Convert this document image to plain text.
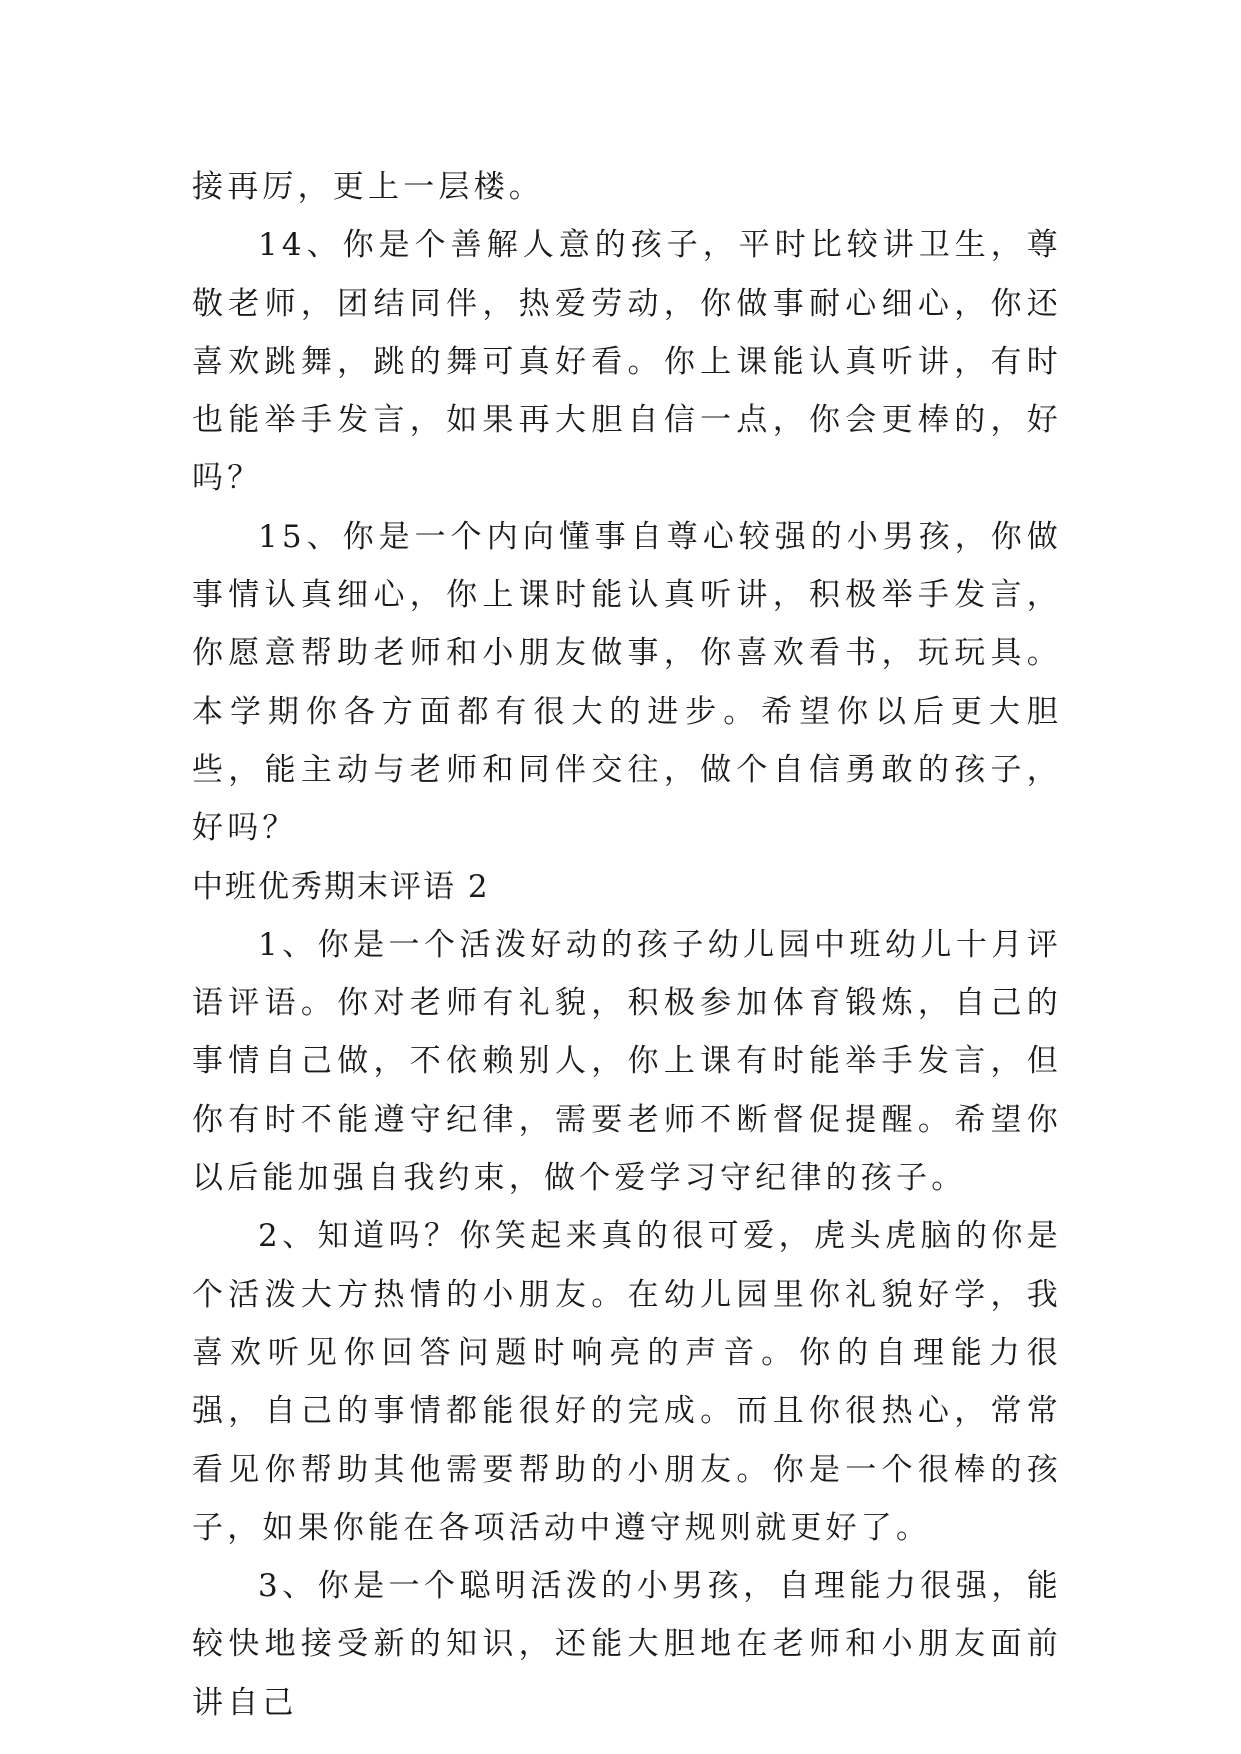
接再厉，更上一层楼。

14、你是个善解人意的孩子，平时比较讲卫生，尊敬老师，团结同伴，热爱劳动，你做事耐心细心，你还喜欢跳舞，跳的舞可真好看。你上课能认真听讲，有时也能举手发言，如果再大胆自信一点，你会更棒的，好吗？

15、你是一个内向懂事自尊心较强的小男孩，你做事情认真细心，你上课时能认真听讲，积极举手发言，你愿意帮助老师和小朋友做事，你喜欢看书，玩玩具。本学期你各方面都有很大的进步。希望你以后更大胆些，能主动与老师和同伴交往，做个自信勇敢的孩子，好吗？

中班优秀期末评语 2

1、你是一个活泼好动的孩子幼儿园中班幼儿十月评语评语。你对老师有礼貌，积极参加体育锻炼，自己的事情自己做，不依赖别人，你上课有时能举手发言，但你有时不能遵守纪律，需要老师不断督促提醒。希望你以后能加强自我约束，做个爱学习守纪律的孩子。

2、知道吗？你笑起来真的很可爱，虎头虎脑的你是个活泼大方热情的小朋友。在幼儿园里你礼貌好学，我喜欢听见你回答问题时响亮的声音。你的自理能力很强，自己的事情都能很好的完成。而且你很热心，常常看见你帮助其他需要帮助的小朋友。你是一个很棒的孩子，如果你能在各项活动中遵守规则就更好了。

3、你是一个聪明活泼的小男孩，自理能力很强，能较快地接受新的知识，还能大胆地在老师和小朋友面前讲自己
